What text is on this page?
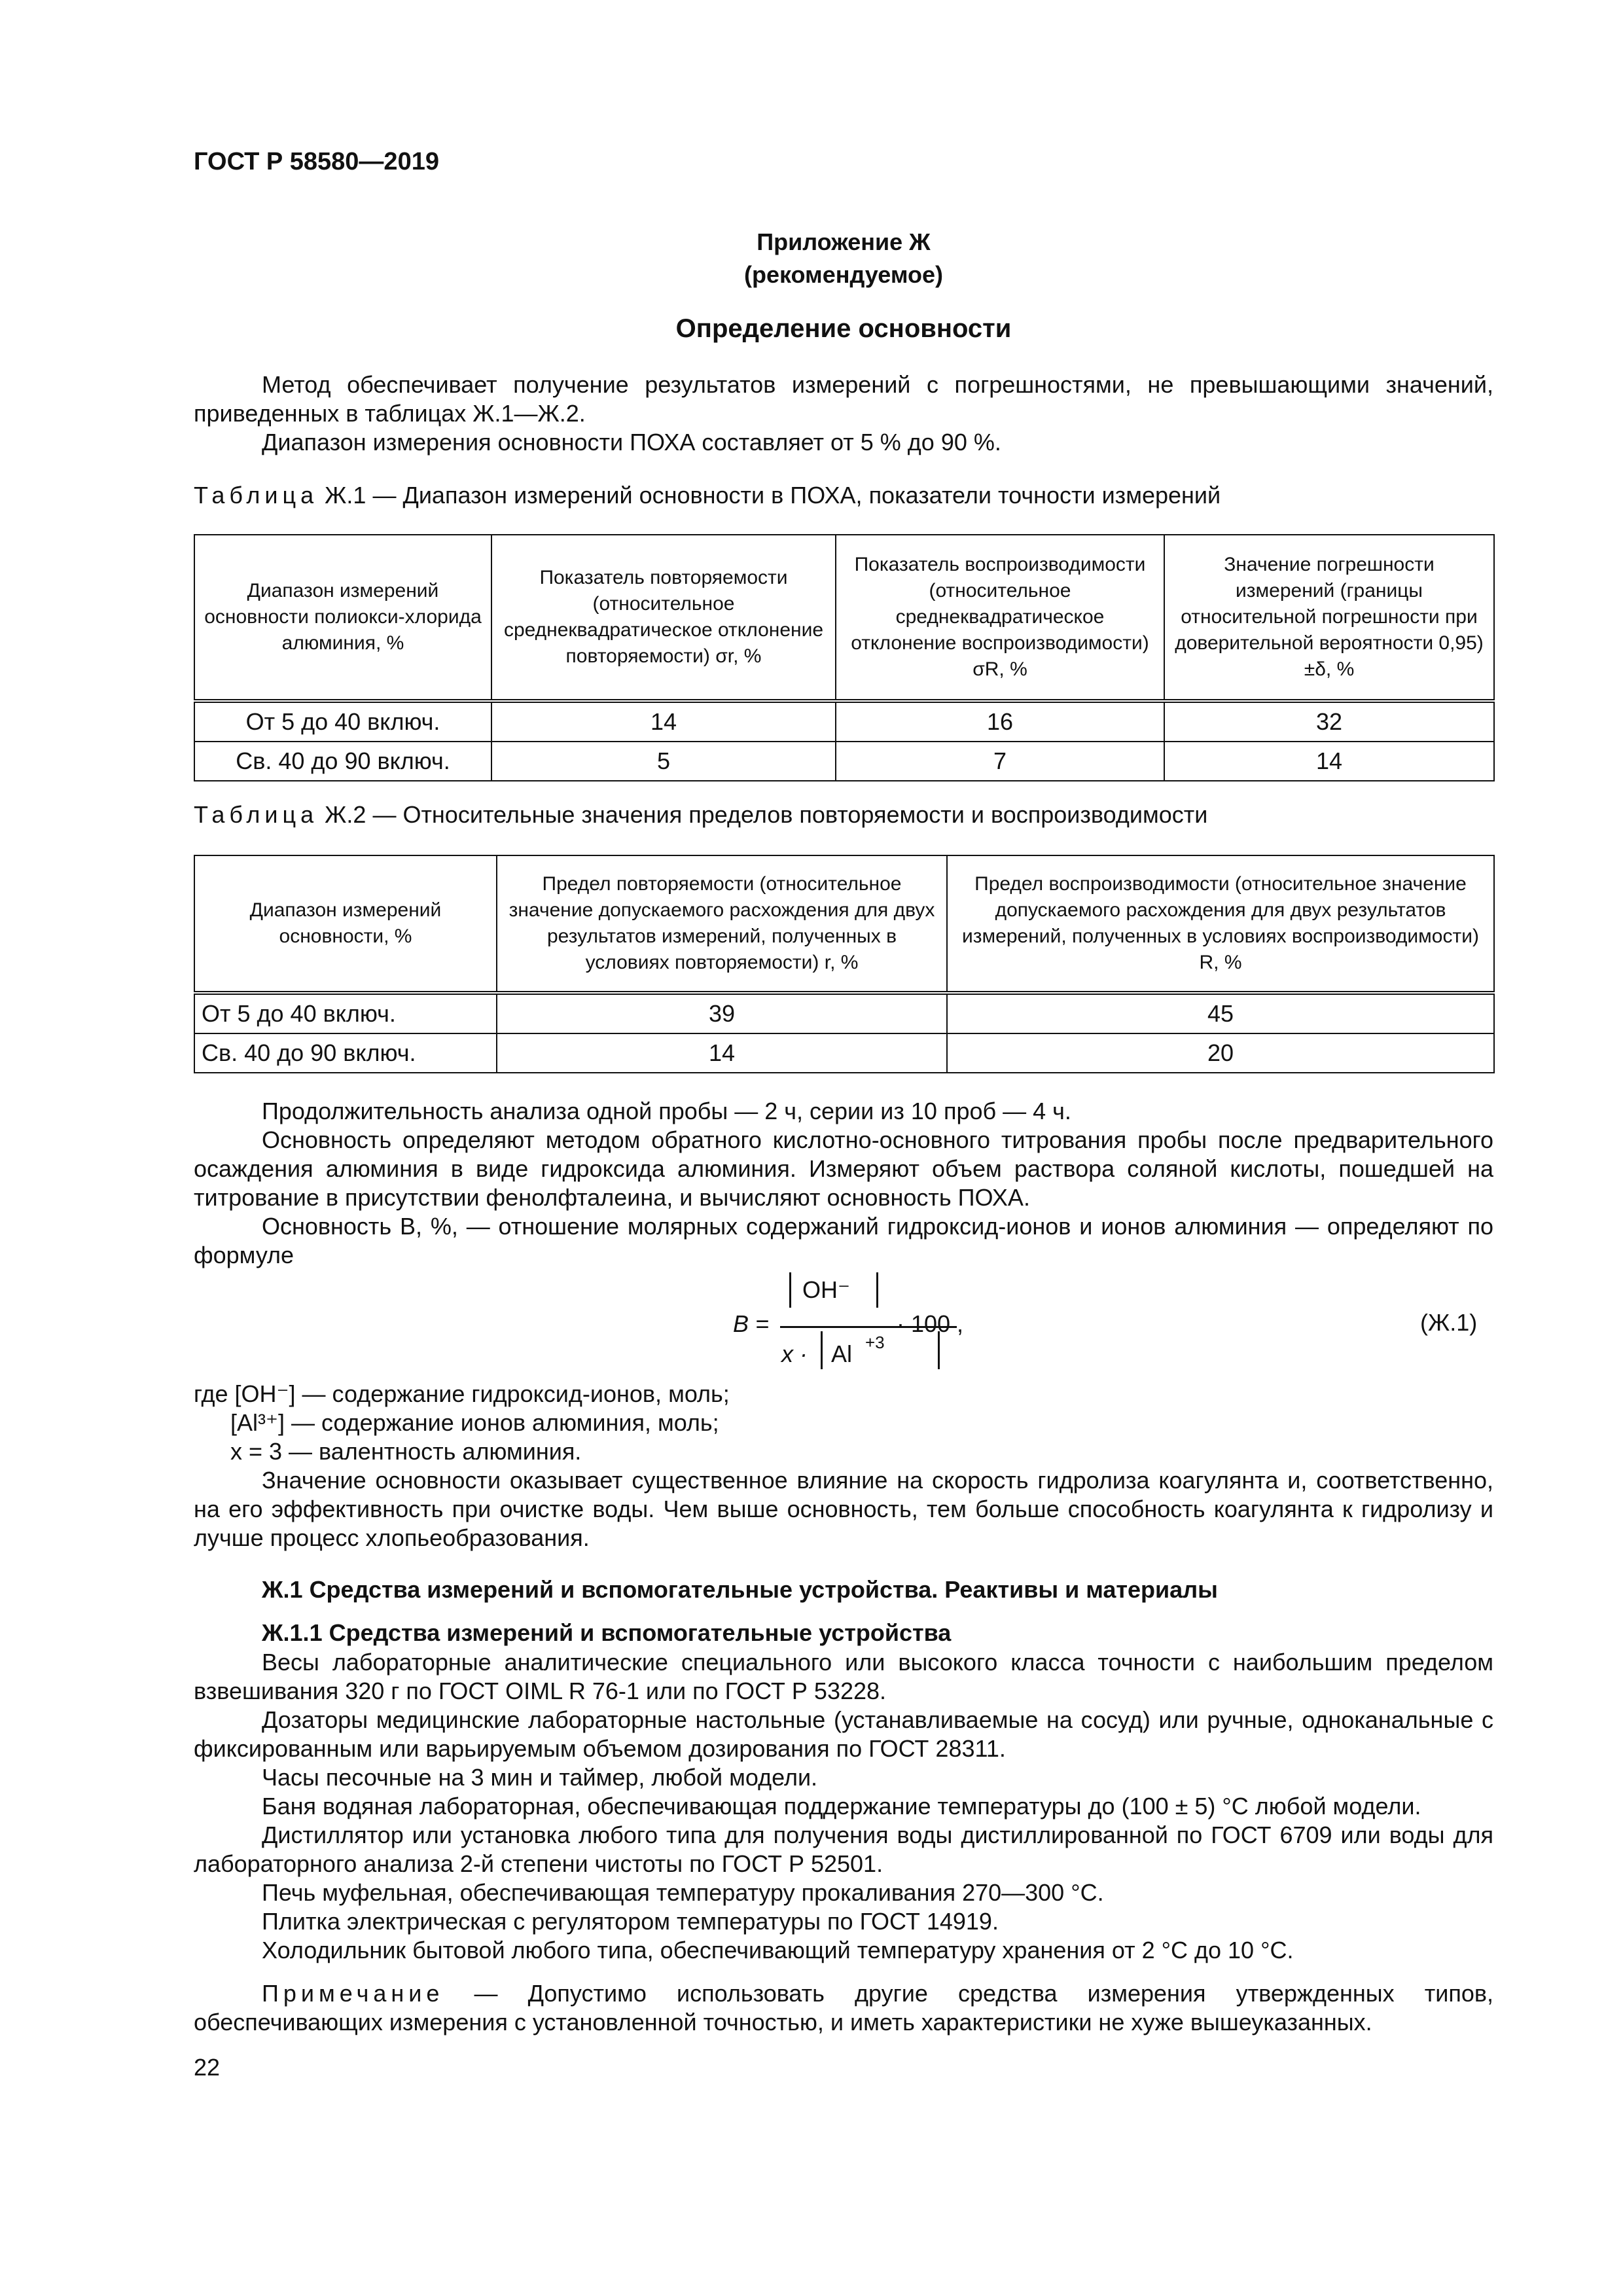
ГОСТ Р 58580—2019
Приложение Ж
(рекомендуемое)
Определение основности
Метод обеспечивает получение результатов измерений с погрешностями, не превышающими значений, приведенных в таблицах Ж.1—Ж.2.
Диапазон измерения основности ПОХА составляет от 5 % до 90 %.
Таблица Ж.1 — Диапазон измерений основности в ПОХА, показатели точности измерений
Диапазон измерений основности полиокси-хлорида алюминия, %	Показатель повторяемости (относительное среднеквадратическое отклонение повторяемости) σr, %	Показатель воспроизводимости (относительное среднеквадратическое отклонение воспроизводимости) σR, %	Значение погрешности измерений (границы относительной погрешности при доверительной вероятности 0,95) ±δ, %
От 5 до 40 включ.	14	16	32
Св. 40 до 90 включ.	5	7	14
Таблица Ж.2 — Относительные значения пределов повторяемости и воспроизводимости
Диапазон измерений основности, %	Предел повторяемости (относительное значение допускаемого расхождения для двух результатов измерений, полученных в условиях повторяемости) r, %	Предел воспроизводимости (относительное значение допускаемого расхождения для двух результатов измерений, полученных в условиях воспроизводимости) R, %
От 5 до 40 включ.	39	45
Св. 40 до 90 включ.	14	20
Продолжительность анализа одной пробы — 2 ч, серии из 10 проб — 4 ч.
Основность определяют методом обратного кислотно-основного титрования пробы после предварительного осаждения алюминия в виде гидроксида алюминия. Измеряют объем раствора соляной кислоты, пошедшей на титрование в присутствии фенолфталеина, и вычисляют основность ПОХА.
Основность B, %, — отношение молярных содержаний гидроксид-ионов и ионов алюминия — определяют по формуле
B =
OH⁻
x · Al +3
· 100 ,	(Ж.1)
где [OH⁻] — содержание гидроксид-ионов, моль;
[Al³⁺] — содержание ионов алюминия, моль;
x = 3 — валентность алюминия.
Значение основности оказывает существенное влияние на скорость гидролиза коагулянта и, соответственно, на его эффективность при очистке воды. Чем выше основность, тем больше способность коагулянта к гидролизу и лучше процесс хлопьеобразования.
Ж.1 Средства измерений и вспомогательные устройства. Реактивы и материалы
Ж.1.1 Средства измерений и вспомогательные устройства
Весы лабораторные аналитические специального или высокого класса точности с наибольшим пределом взвешивания 320 г по ГОСТ OIML R 76-1 или по ГОСТ Р 53228.
Дозаторы медицинские лабораторные настольные (устанавливаемые на сосуд) или ручные, одноканальные с фиксированным или варьируемым объемом дозирования по ГОСТ 28311.
Часы песочные на 3 мин и таймер, любой модели.
Баня водяная лабораторная, обеспечивающая поддержание температуры до (100 ± 5) °С любой модели.
Дистиллятор или установка любого типа для получения воды дистиллированной по ГОСТ 6709 или воды для лабораторного анализа 2-й степени чистоты по ГОСТ Р 52501.
Печь муфельная, обеспечивающая температуру прокаливания 270—300 °С.
Плитка электрическая с регулятором температуры по ГОСТ 14919.
Холодильник бытовой любого типа, обеспечивающий температуру хранения от 2 °С до 10 °С.
Примечание — Допустимо использовать другие средства измерения утвержденных типов, обеспечивающих измерения с установленной точностью, и иметь характеристики не хуже вышеуказанных.
22
